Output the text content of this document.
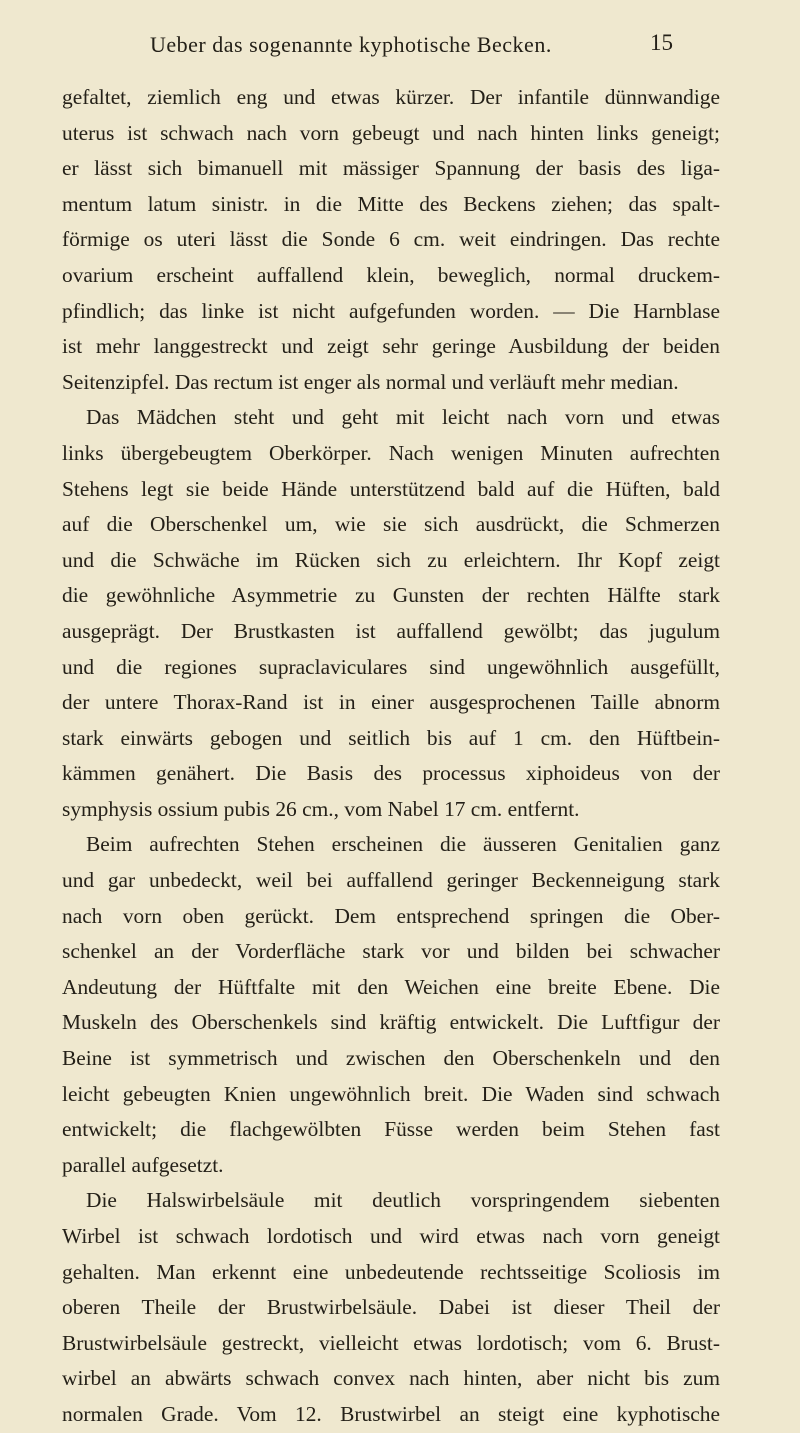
Ueber das sogenannte kyphotische Becken.	15
gefaltet, ziemlich eng und etwas kürzer. Der infantile dünnwandige
uterus ist schwach nach vorn gebeugt und nach hinten links geneigt;
er lässt sich bimanuell mit mässiger Spannung der basis des liga-
mentum latum sinistr. in die Mitte des Beckens ziehen; das spalt-
förmige os uteri lässt die Sonde 6 cm. weit eindringen. Das rechte
ovarium erscheint auffallend klein, beweglich, normal druckem-
pfindlich; das linke ist nicht aufgefunden worden. — Die Harnblase
ist mehr langgestreckt und zeigt sehr geringe Ausbildung der beiden
Seitenzipfel. Das rectum ist enger als normal und verläuft mehr median.
Das Mädchen steht und geht mit leicht nach vorn und etwas
links übergebeugtem Oberkörper. Nach wenigen Minuten aufrechten
Stehens legt sie beide Hände unterstützend bald auf die Hüften, bald
auf die Oberschenkel um, wie sie sich ausdrückt, die Schmerzen
und die Schwäche im Rücken sich zu erleichtern. Ihr Kopf zeigt
die gewöhnliche Asymmetrie zu Gunsten der rechten Hälfte stark
ausgeprägt. Der Brustkasten ist auffallend gewölbt; das jugulum
und die regiones supraclaviculares sind ungewöhnlich ausgefüllt,
der untere Thorax-Rand ist in einer ausgesprochenen Taille abnorm
stark einwärts gebogen und seitlich bis auf 1 cm. den Hüftbein-
kämmen genähert. Die Basis des processus xiphoideus von der
symphysis ossium pubis 26 cm., vom Nabel 17 cm. entfernt.
Beim aufrechten Stehen erscheinen die äusseren Genitalien ganz
und gar unbedeckt, weil bei auffallend geringer Beckenneigung stark
nach vorn oben gerückt. Dem entsprechend springen die Ober-
schenkel an der Vorderfläche stark vor und bilden bei schwacher
Andeutung der Hüftfalte mit den Weichen eine breite Ebene. Die
Muskeln des Oberschenkels sind kräftig entwickelt. Die Luftfigur der
Beine ist symmetrisch und zwischen den Oberschenkeln und den
leicht gebeugten Knien ungewöhnlich breit. Die Waden sind schwach
entwickelt; die flachgewölbten Füsse werden beim Stehen fast
parallel aufgesetzt.
Die Halswirbelsäule mit deutlich vorspringendem siebenten
Wirbel ist schwach lordotisch und wird etwas nach vorn geneigt
gehalten. Man erkennt eine unbedeutende rechtsseitige Scoliosis im
oberen Theile der Brustwirbelsäule. Dabei ist dieser Theil der
Brustwirbelsäule gestreckt, vielleicht etwas lordotisch; vom 6. Brust-
wirbel an abwärts schwach convex nach hinten, aber nicht bis zum
normalen Grade. Vom 12. Brustwirbel an steigt eine kyphotische
